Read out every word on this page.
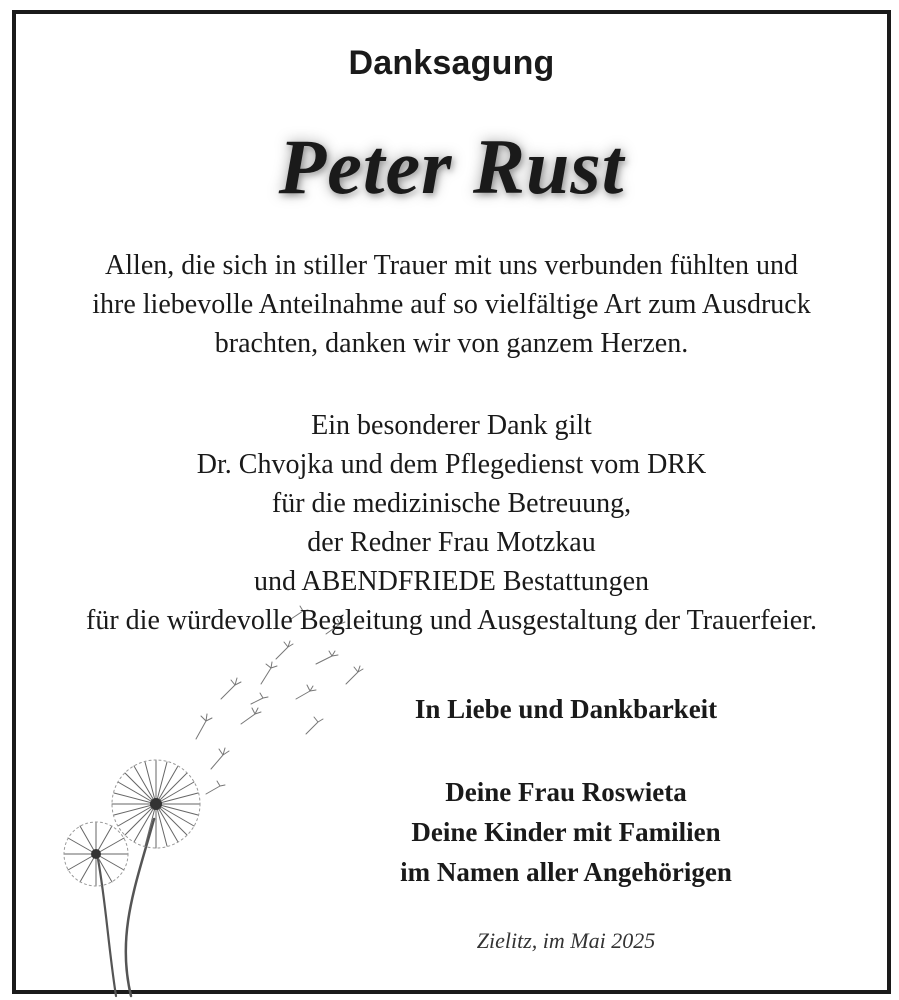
Danksagung
Peter Rust
Allen, die sich in stiller Trauer mit uns verbunden fühlten und
ihre liebevolle Anteilnahme auf so vielfältige Art zum Ausdruck
brachten, danken wir von ganzem Herzen.
Ein besonderer Dank gilt
Dr. Chvojka und dem Pflegedienst vom DRK
für die medizinische Betreuung,
der Redner Frau Motzkau
und ABENDFRIEDE Bestattungen
für die würdevolle Begleitung und Ausgestaltung der Trauerfeier.
In Liebe und Dankbarkeit
Deine Frau Roswieta
Deine Kinder mit Familien
im Namen aller Angehörigen
Zielitz, im Mai 2025
